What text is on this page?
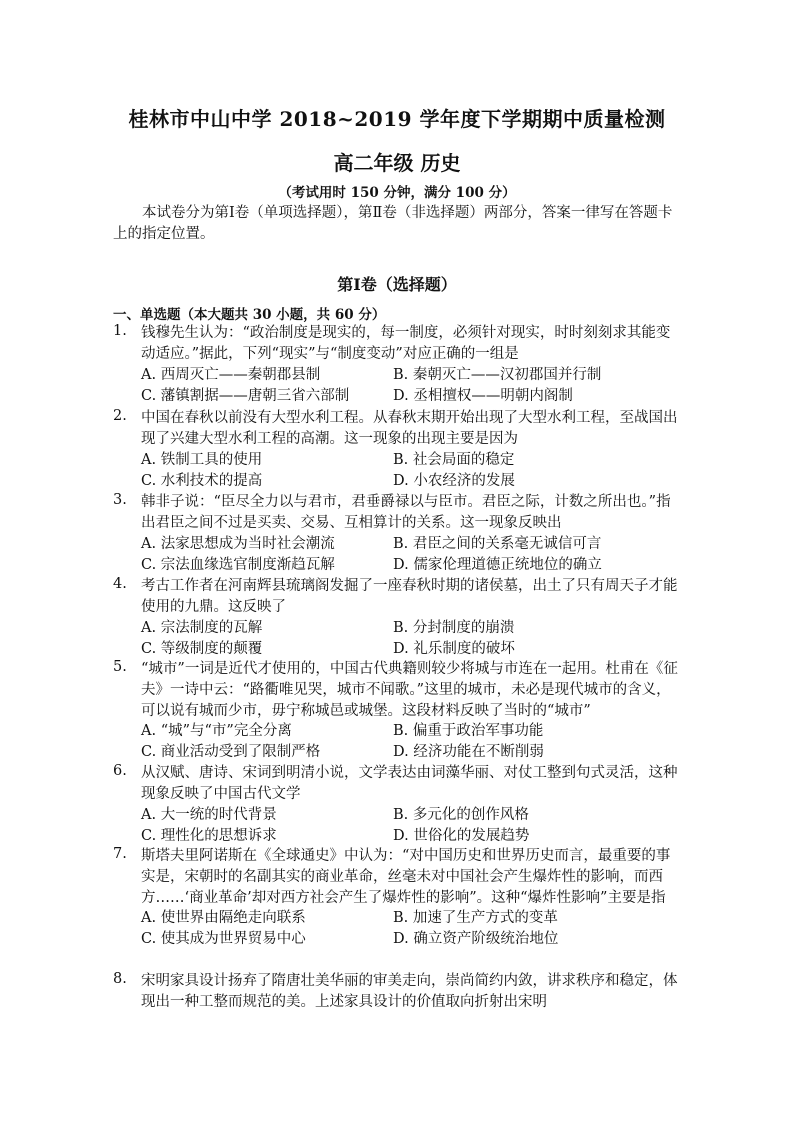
桂林市中山中学 2018~2019 学年度下学期期中质量检测
高二年级 历史
（考试用时 150 分钟，满分 100 分）
本试卷分为第Ⅰ卷（单项选择题），第Ⅱ卷（非选择题）两部分，答案一律写在答题卡上的指定位置。
第Ⅰ卷（选择题）
一、单选题（本大题共 30 小题，共 60 分）
1. 钱穆先生认为：“政治制度是现实的，每一制度，必须针对现实，时时刻刻求其能变动适应。”据此，下列“现实”与“制度变动”对应正确的一组是
A. 西周灭亡——秦朝郡县制	B. 秦朝灭亡——汉初郡国并行制
C. 藩镇割据——唐朝三省六部制	D. 丞相擅权——明朝内阁制
2. 中国在春秋以前没有大型水利工程。从春秋末期开始出现了大型水利工程，至战国出现了兴建大型水利工程的高潮。这一现象的出现主要是因为
A. 铁制工具的使用	B. 社会局面的稳定
C. 水利技术的提高	D. 小农经济的发展
3. 韩非子说：“臣尽全力以与君市，君垂爵禄以与臣市。君臣之际，计数之所出也。”指出君臣之间不过是买卖、交易、互相算计的关系。这一现象反映出
A. 法家思想成为当时社会潮流	B. 君臣之间的关系毫无诚信可言
C. 宗法血缘选官制度渐趋瓦解	D. 儒家伦理道德正统地位的确立
4. 考古工作者在河南辉县琉璃阁发掘了一座春秋时期的诸侯墓，出土了只有周天子才能使用的九鼎。这反映了
A. 宗法制度的瓦解	B. 分封制度的崩溃
C. 等级制度的颠覆	D. 礼乐制度的破坏
5. “城市”一词是近代才使用的，中国古代典籍则较少将城与市连在一起用。杜甫在《征夫》一诗中云：“路衢唯见哭，城市不闻歌。”这里的城市，未必是现代城市的含义，可以说有城而少市，毋宁称城邑或城堡。这段材料反映了当时的“城市”
A. “城”与“市”完全分离	B. 偏重于政治军事功能
C. 商业活动受到了限制严格	D. 经济功能在不断削弱
6. 从汉赋、唐诗、宋词到明清小说，文学表达由词藻华丽、对仗工整到句式灵活，这种现象反映了中国古代文学
A. 大一统的时代背景	B. 多元化的创作风格
C. 理性化的思想诉求	D. 世俗化的发展趋势
7. 斯塔夫里阿诺斯在《全球通史》中认为：“对中国历史和世界历史而言，最重要的事实是，宋朝时的名副其实的商业革命，丝毫未对中国社会产生爆炸性的影响，而西方……‘商业革命’却对西方社会产生了爆炸性的影响”。这种“爆炸性影响”主要是指
A. 使世界由隔绝走向联系	B. 加速了生产方式的变革
C. 使其成为世界贸易中心	D. 确立资产阶级统治地位
8. 宋明家具设计扬弃了隋唐壮美华丽的审美走向，崇尚简约内敛，讲求秩序和稳定，体现出一种工整而规范的美。上述家具设计的价值取向折射出宋明
